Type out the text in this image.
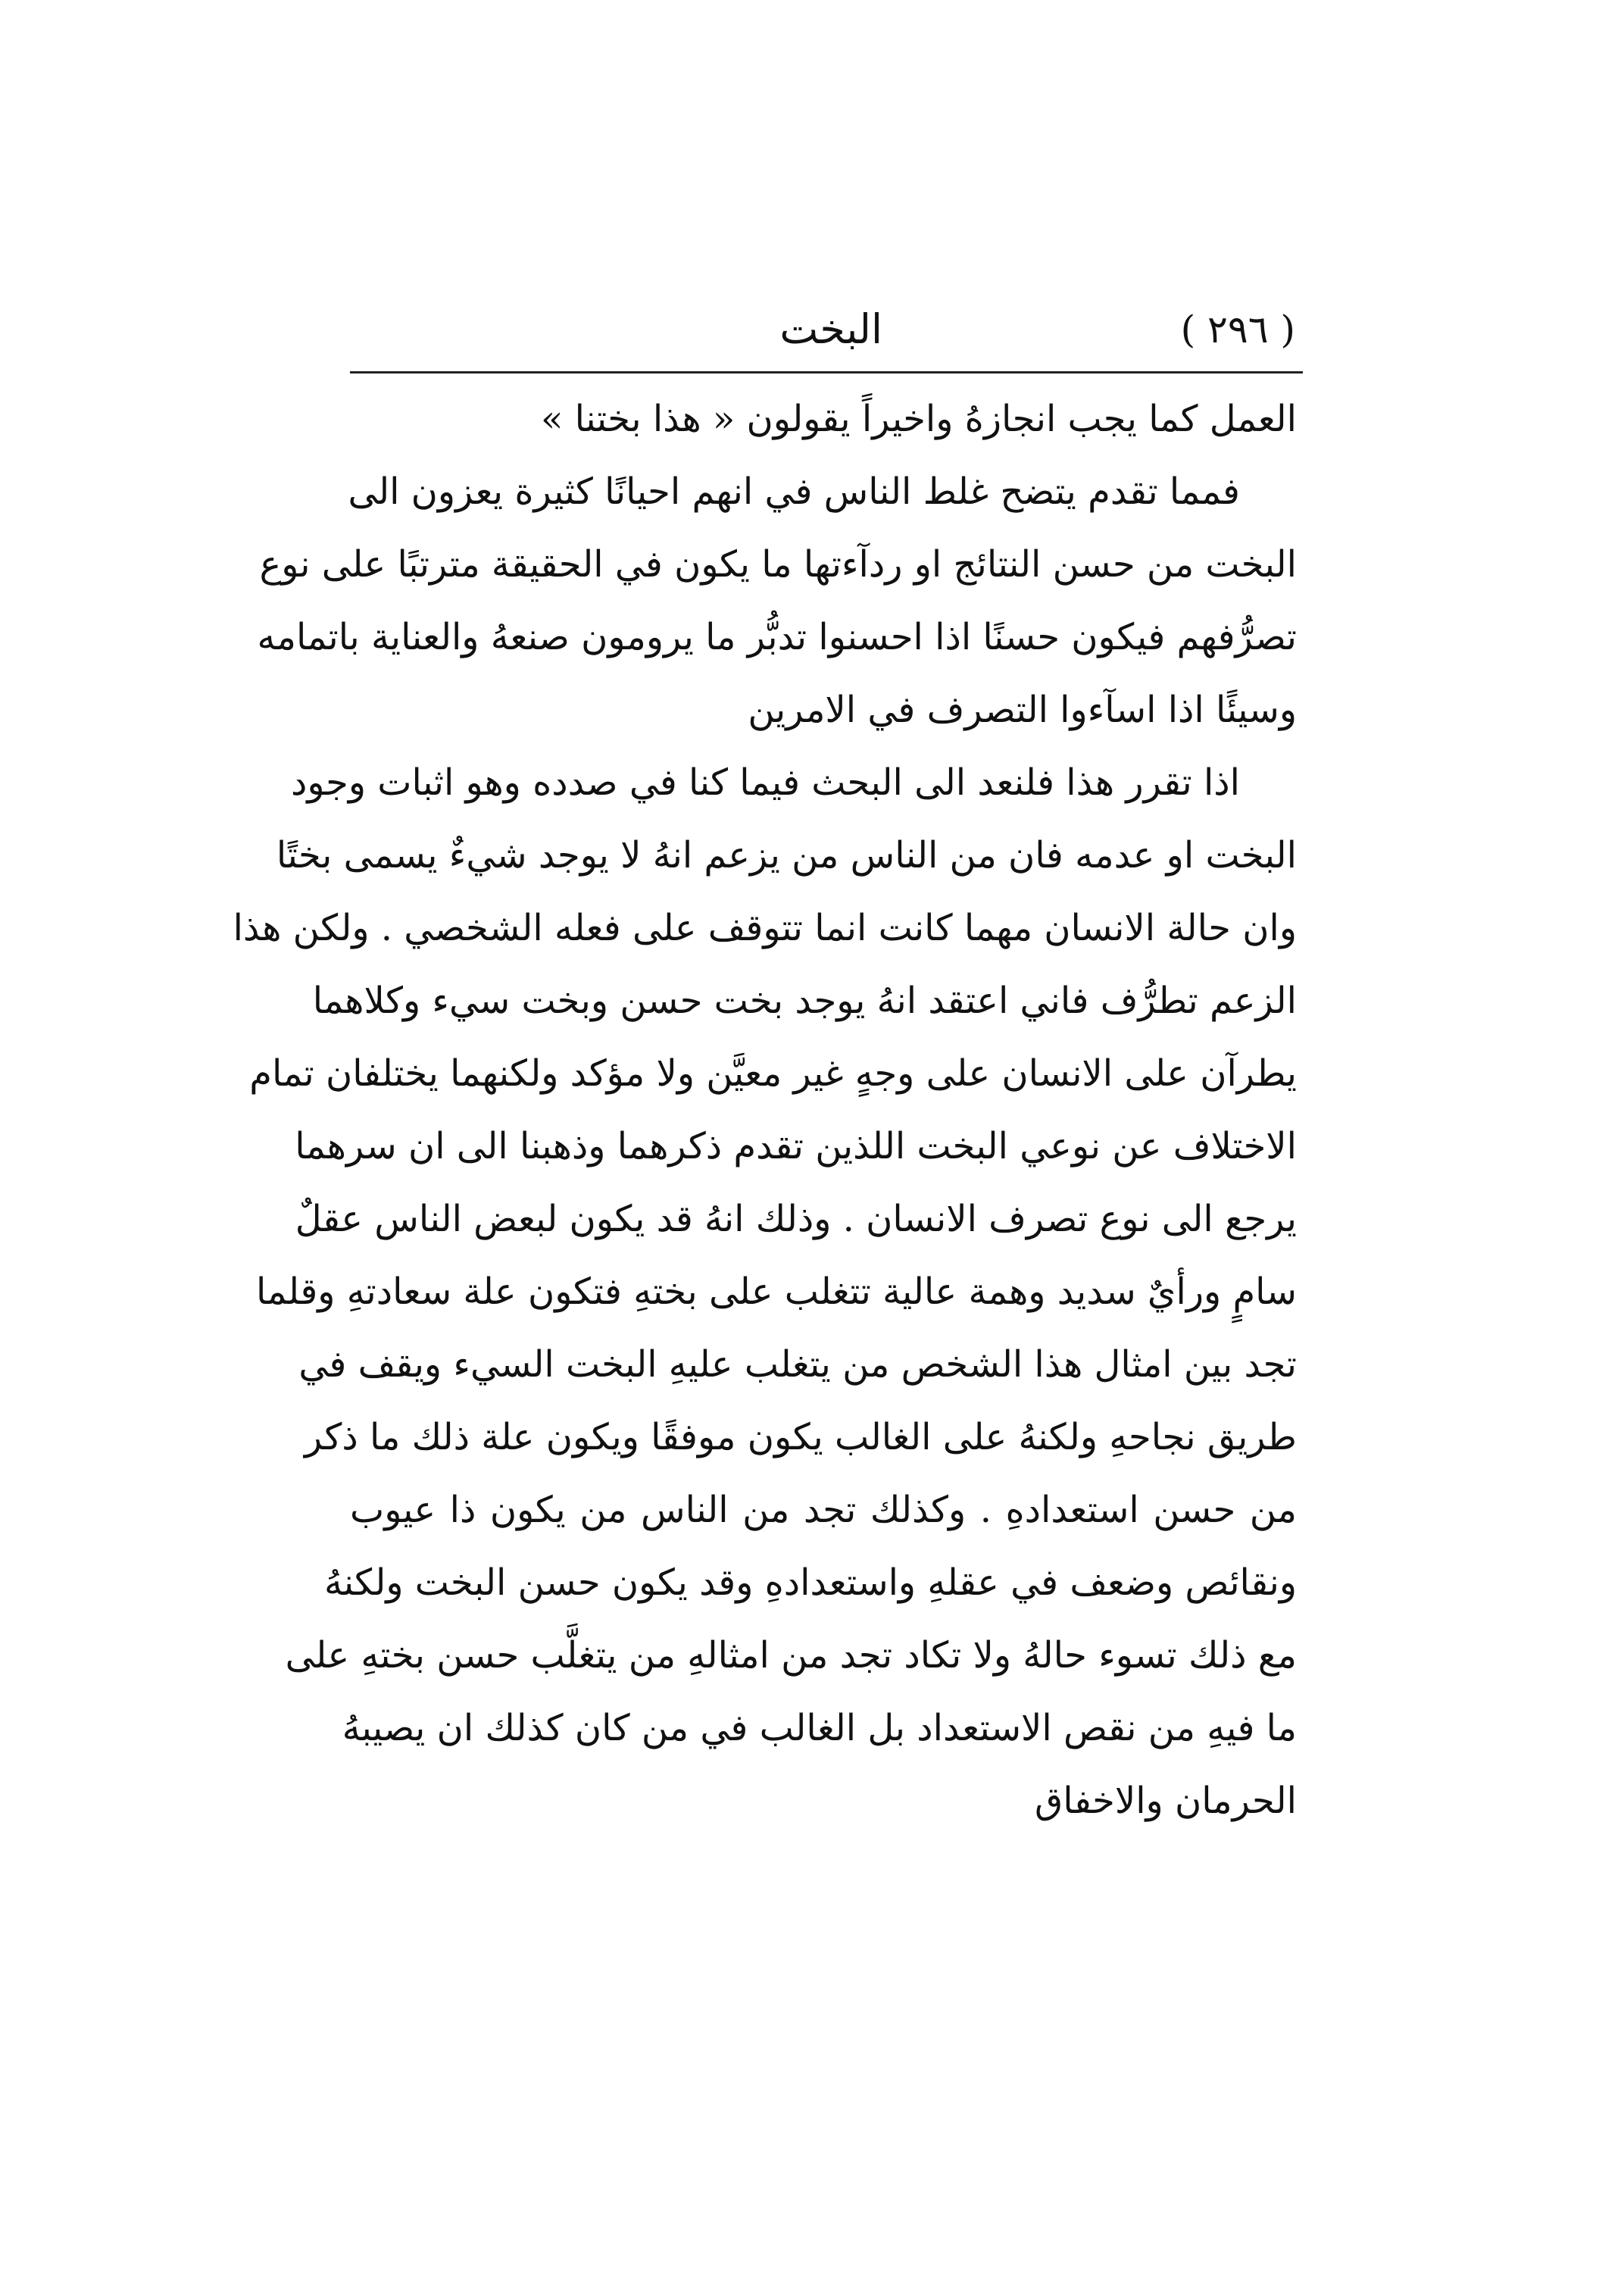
( ٢٩٦ )
البخت
العمل كما يجب انجازهُ واخيراً يقولون « هذا بختنا »
فمما تقدم يتضح غلط الناس في انهم احيانًا كثيرة يعزون الى
البخت من حسن النتائج او ردآءتها ما يكون في الحقيقة مترتبًا على نوع
تصرُّفهم فيكون حسنًا اذا احسنوا تدبُّر ما يرومون صنعهُ والعناية باتمامه
وسيئًا اذا اسآءوا التصرف في الامرين
اذا تقرر هذا فلنعد الى البحث فيما كنا في صدده وهو اثبات وجود
البخت او عدمه فان من الناس من يزعم انهُ لا يوجد شيءٌ يسمى بختًا
وان حالة الانسان مهما كانت انما تتوقف على فعله الشخصي . ولكن هذا
الزعم تطرُّف فاني اعتقد انهُ يوجد بخت حسن وبخت سيء وكلاهما
يطرآن على الانسان على وجهٍ غير معيَّن ولا مؤكد ولكنهما يختلفان تمام
الاختلاف عن نوعي البخت اللذين تقدم ذكرهما وذهبنا الى ان سرهما
يرجع الى نوع تصرف الانسان . وذلك انهُ قد يكون لبعض الناس عقلٌ
سامٍ ورأيٌ سديد وهمة عالية تتغلب على بختهِ فتكون علة سعادتهِ وقلما
تجد بين امثال هذا الشخص من يتغلب عليهِ البخت السيء ويقف في
طريق نجاحهِ ولكنهُ على الغالب يكون موفقًا ويكون علة ذلك ما ذكر
من حسن استعدادهِ . وكذلك تجد من الناس من يكون ذا عيوب
ونقائص وضعف في عقلهِ واستعدادهِ وقد يكون حسن البخت ولكنهُ
مع ذلك تسوء حالهُ ولا تكاد تجد من امثالهِ من يتغلَّب حسن بختهِ على
ما فيهِ من نقص الاستعداد بل الغالب في من كان كذلك ان يصيبهُ
الحرمان والاخفاق
